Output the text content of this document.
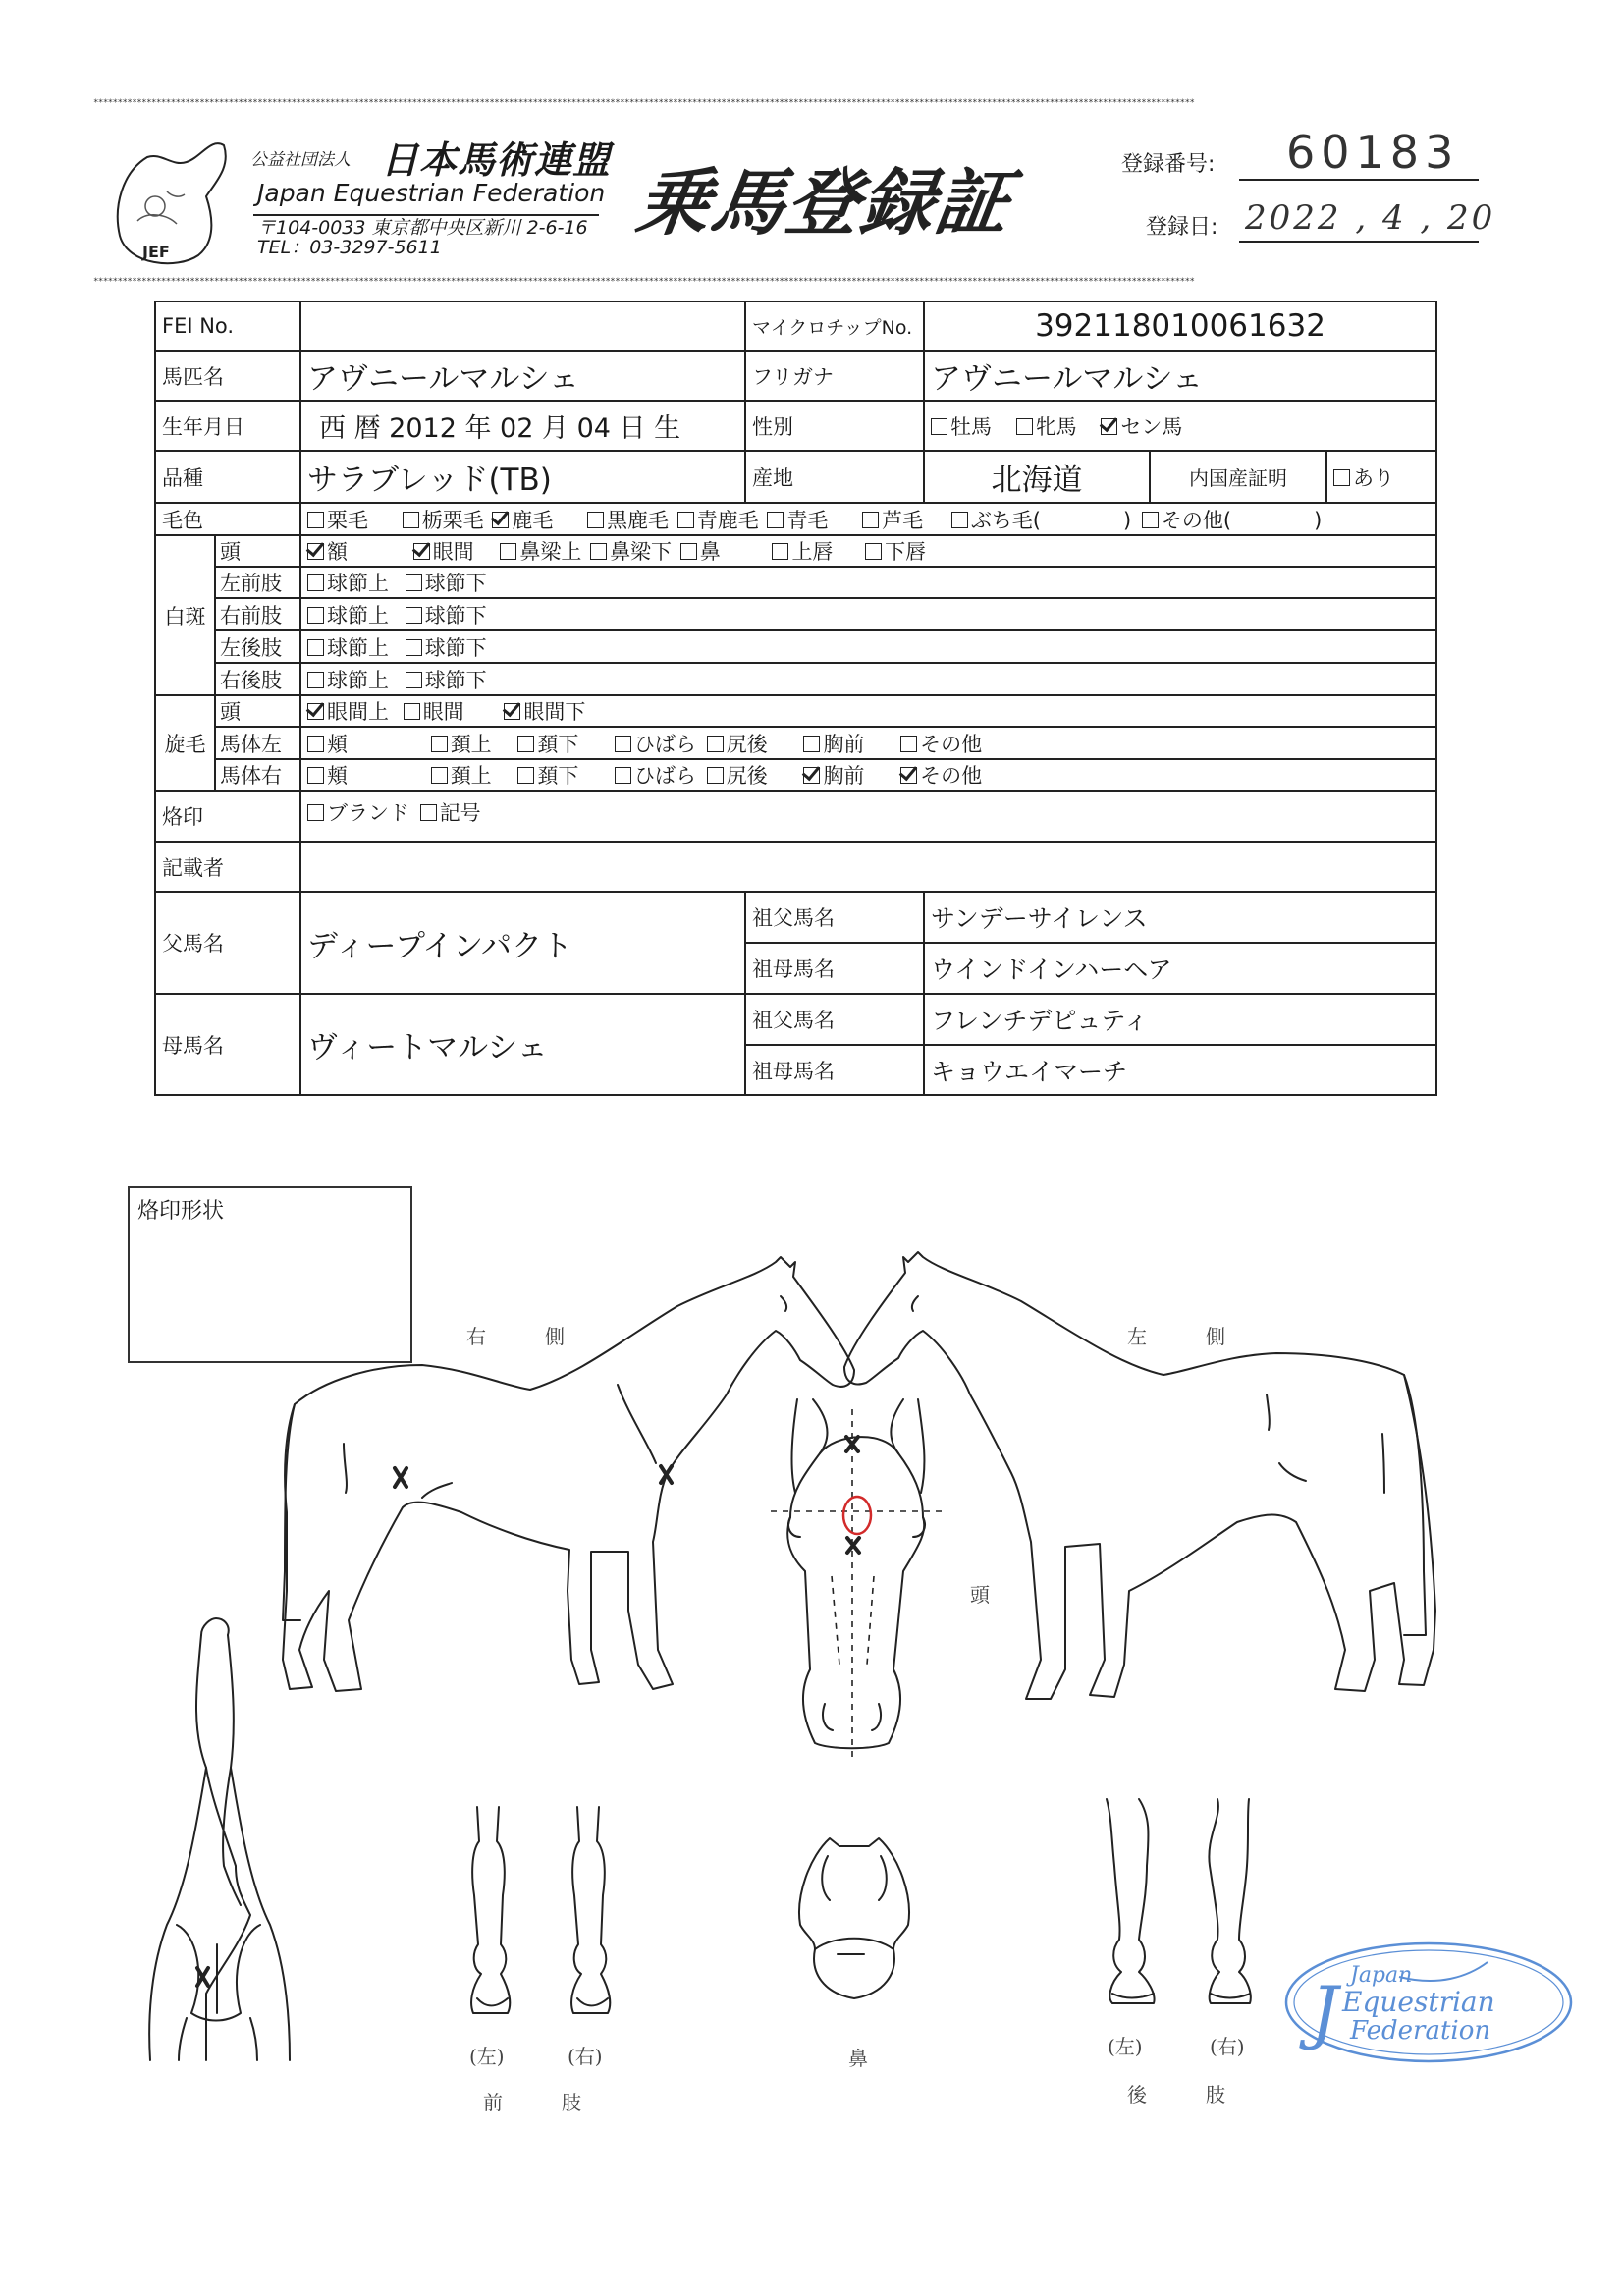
************************************************************************************************************************************************************************************************************************************
************************************************************************************************************************************************************************************************************************************
JEF
公益社団法人 日本馬術連盟
Japan Equestrian Federation
〒104-0033 東京都中央区新川 2-6-16
TEL：03-3297-5611
乗馬登録証	登録番号: 60183
登録日: 2022 , 4 , 20
FEI No.			マイクロチップNo.	392118010061632		
馬匹名		アヴニールマルシェ	フリガナ	アヴニールマルシェ		
生年月日		西 暦 2012 年 02 月 04 日 生	性別	牡馬 牝馬 セン馬		
品種		サラブレッド(TB)	産地	北海道	内国産証明	あり
毛色		栗毛 栃栗毛 鹿毛 黒鹿毛 青鹿毛 青毛 芦毛 ぶち毛(　　　　) その他(　　　　)				
白斑	頭	額 眼間 鼻梁上 鼻梁下 鼻 上唇 下唇				
	左前肢	球節上 球節下				
	右前肢	球節上 球節下				
	左後肢	球節上 球節下				
	右後肢	球節上 球節下				
旋毛	頭	眼間上 眼間 眼間下				
	馬体左	頬 頚上 頚下 ひばら 尻後 胸前 その他				
	馬体右	頬 頚上 頚下 ひばら 尻後 胸前 その他				
烙印		ブランド 記号				
記載者						
父馬名		ディープインパクト	祖父馬名	サンデーサイレンス		
			祖母馬名	ウインドインハーヘア		
母馬名		ヴィートマルシェ	祖父馬名	フレンチデピュティ		
			祖母馬名	キョウエイマーチ		
烙印形状
右　　　側	左　　　側
頭
鼻
(左)	(右)
前　　　肢
(左)	(右)
後　　　肢
J Japan
Equestrian
Federation
